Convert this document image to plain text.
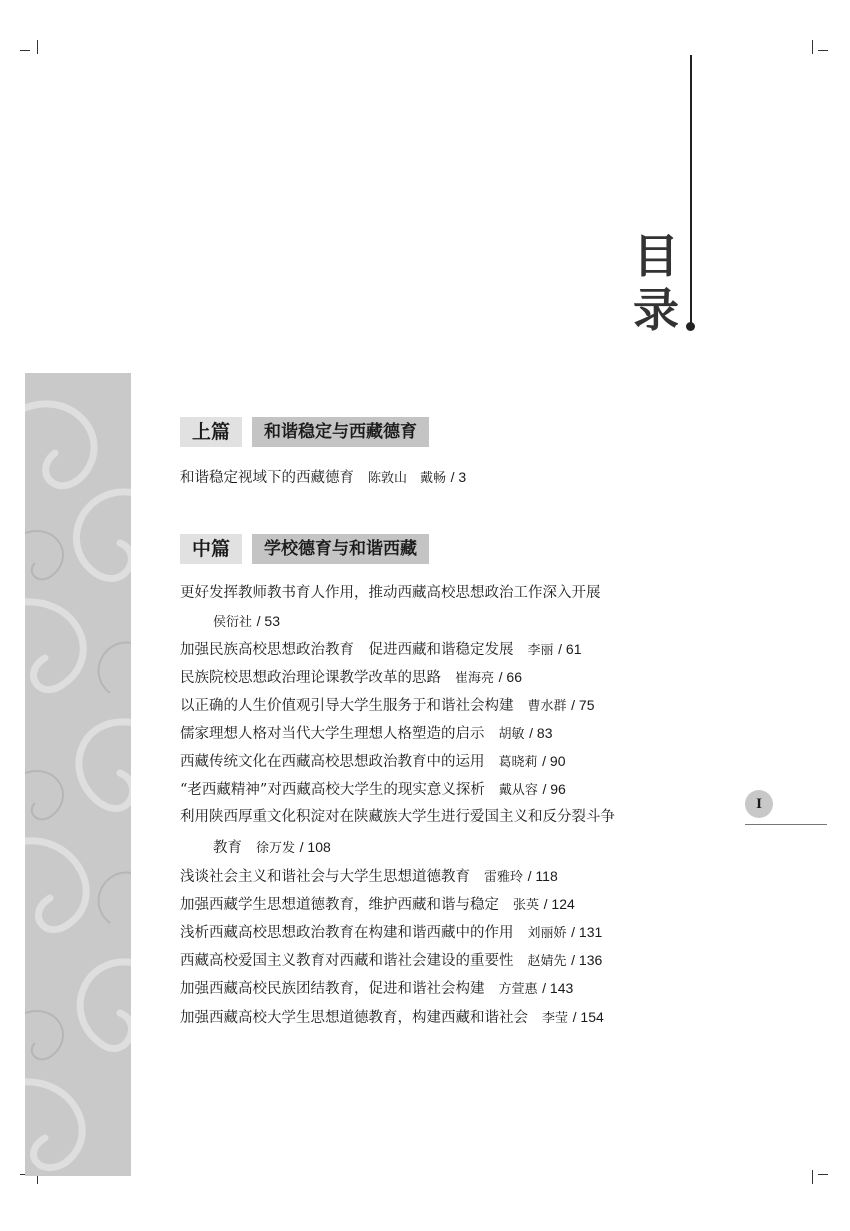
目
录
上篇	和谐稳定与西藏德育
和谐稳定视域下的西藏德育 陈敦山　戴畅 / 3
中篇	学校德育与和谐西藏
更好发挥教师教书育人作用，推动西藏高校思想政治工作深入开展
侯衍社 / 53
加强民族高校思想政治教育　促进西藏和谐稳定发展 李丽 / 61
民族院校思想政治理论课教学改革的思路 崔海亮 / 66
以正确的人生价值观引导大学生服务于和谐社会构建 曹水群 / 75
儒家理想人格对当代大学生理想人格塑造的启示 胡敏 / 83
西藏传统文化在西藏高校思想政治教育中的运用 葛晓莉 / 90
“老西藏精神”对西藏高校大学生的现实意义探析 戴从容 / 96
利用陕西厚重文化积淀对在陕藏族大学生进行爱国主义和反分裂斗争
教育 徐万发 / 108
浅谈社会主义和谐社会与大学生思想道德教育 雷雅玲 / 118
加强西藏学生思想道德教育，维护西藏和谐与稳定 张英 / 124
浅析西藏高校思想政治教育在构建和谐西藏中的作用 刘丽娇 / 131
西藏高校爱国主义教育对西藏和谐社会建设的重要性 赵婧先 / 136
加强西藏高校民族团结教育，促进和谐社会构建 方萱惠 / 143
加强西藏高校大学生思想道德教育，构建西藏和谐社会 李莹 / 154
I
